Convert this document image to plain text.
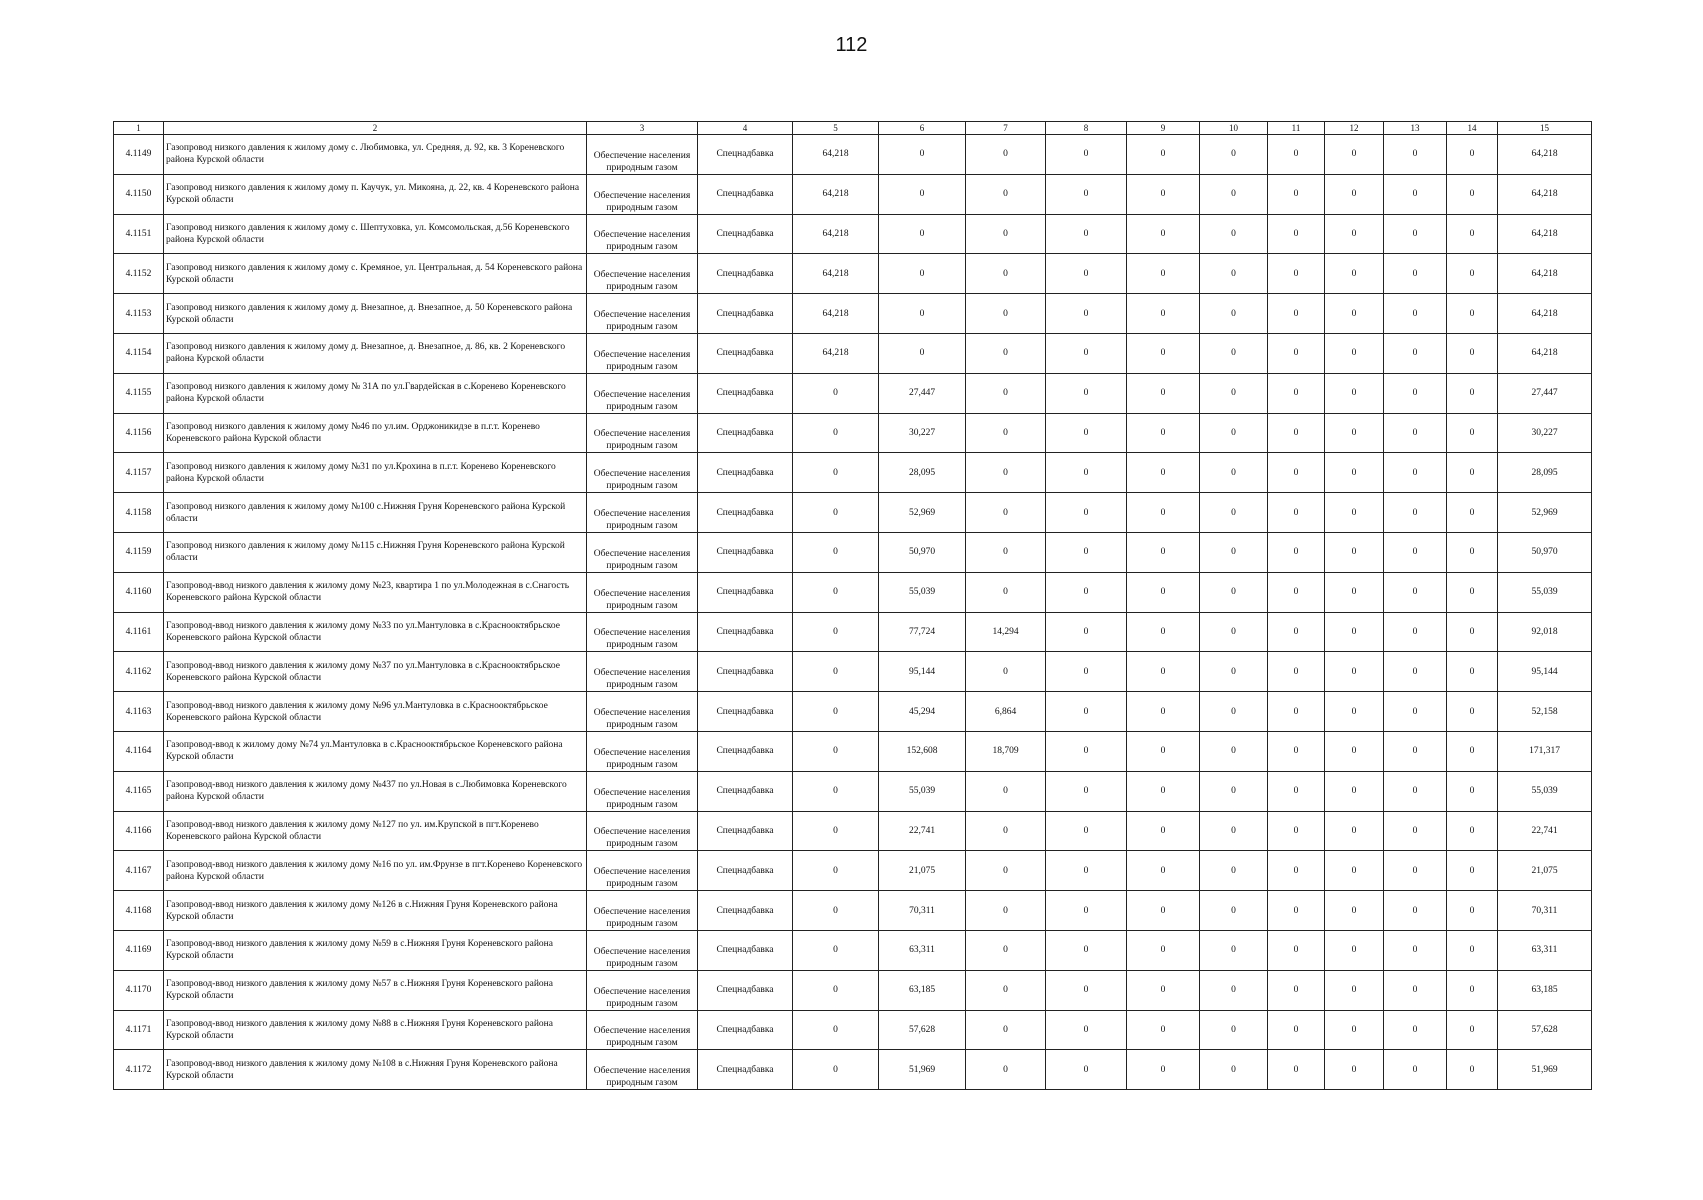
112
1	2	3	4	5	6	7	8	9	10	11	12	13	14	15
4.1149	Газопровод низкого давления к жилому дому с. Любимовка, ул. Средняя, д. 92, кв. 3 Кореневского района Курской области	Обеспечение населения природным газом	Спецнадбавка	64,218	0	0	0	0	0	0	0	0	0	64,218
4.1150	Газопровод низкого давления к жилому дому п. Каучук, ул. Микояна, д. 22, кв. 4 Кореневского района Курской области	Обеспечение населения природным газом	Спецнадбавка	64,218	0	0	0	0	0	0	0	0	0	64,218
4.1151	Газопровод низкого давления к жилому дому с. Шептуховка, ул. Комсомольская, д.56 Кореневского района Курской области	Обеспечение населения природным газом	Спецнадбавка	64,218	0	0	0	0	0	0	0	0	0	64,218
4.1152	Газопровод низкого давления к жилому дому с. Кремяное, ул. Центральная, д. 54 Кореневского района Курской области	Обеспечение населения природным газом	Спецнадбавка	64,218	0	0	0	0	0	0	0	0	0	64,218
4.1153	Газопровод низкого давления к жилому дому д. Внезапное, д. Внезапное, д. 50 Кореневского района Курской области	Обеспечение населения природным газом	Спецнадбавка	64,218	0	0	0	0	0	0	0	0	0	64,218
4.1154	Газопровод низкого давления к жилому дому д. Внезапное, д. Внезапное, д. 86, кв. 2 Кореневского района Курской области	Обеспечение населения природным газом	Спецнадбавка	64,218	0	0	0	0	0	0	0	0	0	64,218
4.1155	Газопровод низкого давления к жилому дому № 31А по ул.Гвардейская в с.Коренево Кореневского района Курской области	Обеспечение населения природным газом	Спецнадбавка	0	27,447	0	0	0	0	0	0	0	0	27,447
4.1156	Газопровод низкого давления к жилому дому №46 по ул.им. Орджоникидзе в п.г.т. Коренево Кореневского района Курской области	Обеспечение населения природным газом	Спецнадбавка	0	30,227	0	0	0	0	0	0	0	0	30,227
4.1157	Газопровод низкого давления к жилому дому №31 по ул.Крохина в п.г.т. Коренево Кореневского района Курской области	Обеспечение населения природным газом	Спецнадбавка	0	28,095	0	0	0	0	0	0	0	0	28,095
4.1158	Газопровод низкого давления к жилому дому №100 с.Нижняя Груня Кореневского района Курской области	Обеспечение населения природным газом	Спецнадбавка	0	52,969	0	0	0	0	0	0	0	0	52,969
4.1159	Газопровод низкого давления к жилому дому №115 с.Нижняя Груня Кореневского района Курской области	Обеспечение населения природным газом	Спецнадбавка	0	50,970	0	0	0	0	0	0	0	0	50,970
4.1160	Газопровод-ввод низкого давления к жилому дому №23, квартира 1 по ул.Молодежная в с.Снагость Кореневского района Курской области	Обеспечение населения природным газом	Спецнадбавка	0	55,039	0	0	0	0	0	0	0	0	55,039
4.1161	Газопровод-ввод низкого давления к жилому дому №33 по ул.Мантуловка в с.Краснооктябрьское Кореневского района Курской области	Обеспечение населения природным газом	Спецнадбавка	0	77,724	14,294	0	0	0	0	0	0	0	92,018
4.1162	Газопровод-ввод низкого давления к жилому дому №37 по ул.Мантуловка в с.Краснооктябрьское Кореневского района Курской области	Обеспечение населения природным газом	Спецнадбавка	0	95,144	0	0	0	0	0	0	0	0	95,144
4.1163	Газопровод-ввод низкого давления к жилому дому №96 ул.Мантуловка в с.Краснооктябрьское Кореневского района Курской области	Обеспечение населения природным газом	Спецнадбавка	0	45,294	6,864	0	0	0	0	0	0	0	52,158
4.1164	Газопровод-ввод к жилому дому №74 ул.Мантуловка в с.Краснооктябрьское Кореневского района Курской области	Обеспечение населения природным газом	Спецнадбавка	0	152,608	18,709	0	0	0	0	0	0	0	171,317
4.1165	Газопровод-ввод низкого давления к жилому дому №437 по ул.Новая в с.Любимовка Кореневского района Курской области	Обеспечение населения природным газом	Спецнадбавка	0	55,039	0	0	0	0	0	0	0	0	55,039
4.1166	Газопровод-ввод низкого давления к жилому дому №127 по ул. им.Крупской в пгт.Коренево Кореневского района Курской области	Обеспечение населения природным газом	Спецнадбавка	0	22,741	0	0	0	0	0	0	0	0	22,741
4.1167	Газопровод-ввод низкого давления к жилому дому №16 по ул. им.Фрунзе в пгт.Коренево Кореневского района Курской области	Обеспечение населения природным газом	Спецнадбавка	0	21,075	0	0	0	0	0	0	0	0	21,075
4.1168	Газопровод-ввод низкого давления к жилому дому №126 в с.Нижняя Груня Кореневского района Курской области	Обеспечение населения природным газом	Спецнадбавка	0	70,311	0	0	0	0	0	0	0	0	70,311
4.1169	Газопровод-ввод низкого давления к жилому дому №59 в с.Нижняя Груня Кореневского района Курской области	Обеспечение населения природным газом	Спецнадбавка	0	63,311	0	0	0	0	0	0	0	0	63,311
4.1170	Газопровод-ввод низкого давления к жилому дому №57 в с.Нижняя Груня Кореневского района Курской области	Обеспечение населения природным газом	Спецнадбавка	0	63,185	0	0	0	0	0	0	0	0	63,185
4.1171	Газопровод-ввод низкого давления к жилому дому №88 в с.Нижняя Груня Кореневского района Курской области	Обеспечение населения природным газом	Спецнадбавка	0	57,628	0	0	0	0	0	0	0	0	57,628
4.1172	Газопровод-ввод низкого давления к жилому дому №108 в с.Нижняя Груня Кореневского района Курской области	Обеспечение населения природным газом	Спецнадбавка	0	51,969	0	0	0	0	0	0	0	0	51,969
